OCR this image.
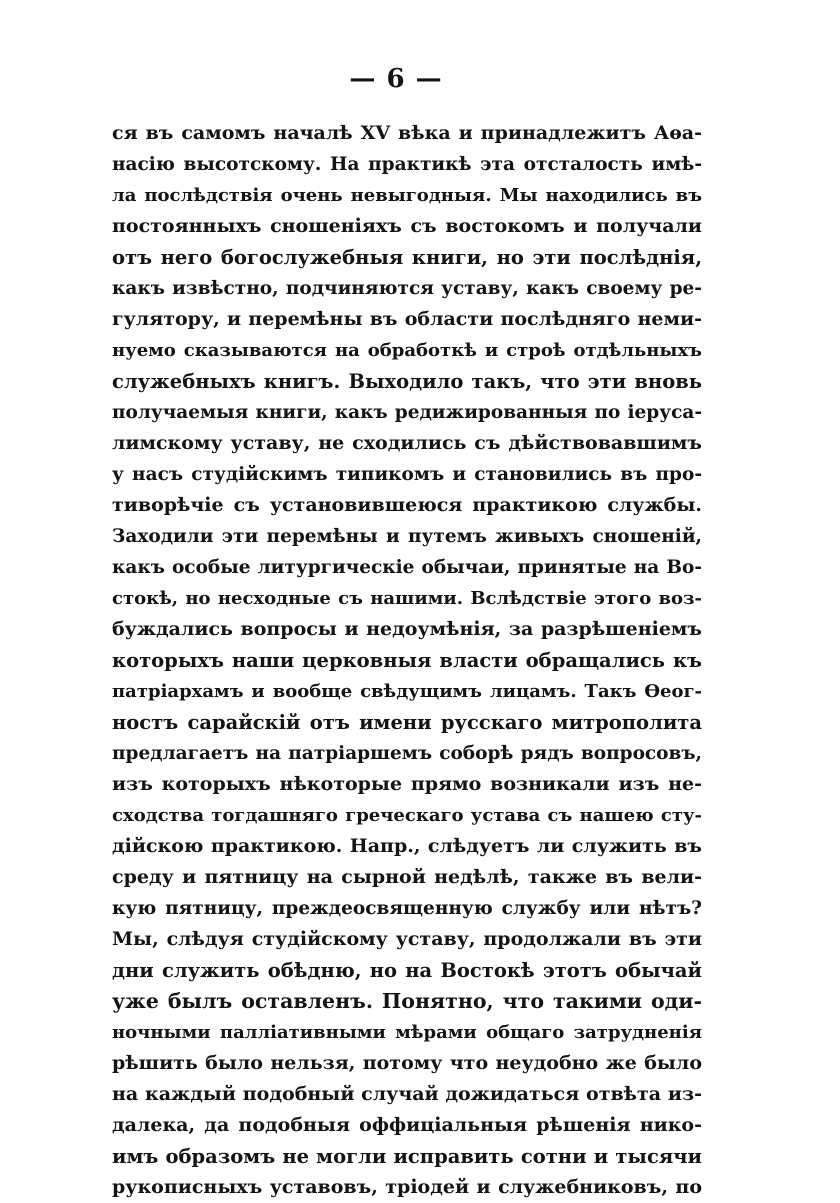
— 6 —
ся въ самомъ началѣ XV вѣка и принадлежитъ Аѳа-
насію высотскому. На практикѣ эта отсталость имѣ-
ла послѣдствія очень невыгодныя. Мы находились въ
постоянныхъ сношеніяхъ съ востокомъ и получали
отъ него богослужебныя книги, но эти послѣднія,
какъ извѣстно, подчиняются уставу, какъ своему ре-
гулятору, и перемѣны въ области послѣдняго неми-
нуемо сказываются на обработкѣ и строѣ отдѣльныхъ
служебныхъ книгъ. Выходило такъ, что эти вновь
получаемыя книги, какъ редижированныя по іеруса-
лимскому уставу, не сходились съ дѣйствовавшимъ
у насъ студійскимъ типикомъ и становились въ про-
тиворѣчіе съ установившеюся практикою службы.
Заходили эти перемѣны и путемъ живыхъ сношеній,
какъ особые литургическіе обычаи, принятые на Во-
стокѣ, но несходные съ нашими. Вслѣдствіе этого воз-
буждались вопросы и недоумѣнія, за разрѣшеніемъ
которыхъ наши церковныя власти обращались къ
патріархамъ и вообще свѣдущимъ лицамъ. Такъ Ѳеог-
ностъ сарайскій отъ имени русскаго митрополита
предлагаетъ на патріаршемъ соборѣ рядъ вопросовъ,
изъ которыхъ нѣкоторые прямо возникали изъ не-
сходства тогдашняго греческаго устава съ нашею сту-
дійскою практикою. Напр., слѣдуетъ ли служить въ
среду и пятницу на сырной недѣлѣ, также въ вели-
кую пятницу, преждеосвященную службу или нѣтъ?
Мы, слѣдуя студійскому уставу, продолжали въ эти
дни служить обѣдню, но на Востокѣ этотъ обычай
уже былъ оставленъ. Понятно, что такими оди-
ночными палліативными мѣрами общаго затрудненія
рѣшить было нельзя, потому что неудобно же было
на каждый подобный случай дожидаться отвѣта из-
далека, да подобныя оффиціальныя рѣшенія нико-
имъ образомъ не могли исправить сотни и тысячи
рукописныхъ уставовъ, тріодей и служебниковъ, по
